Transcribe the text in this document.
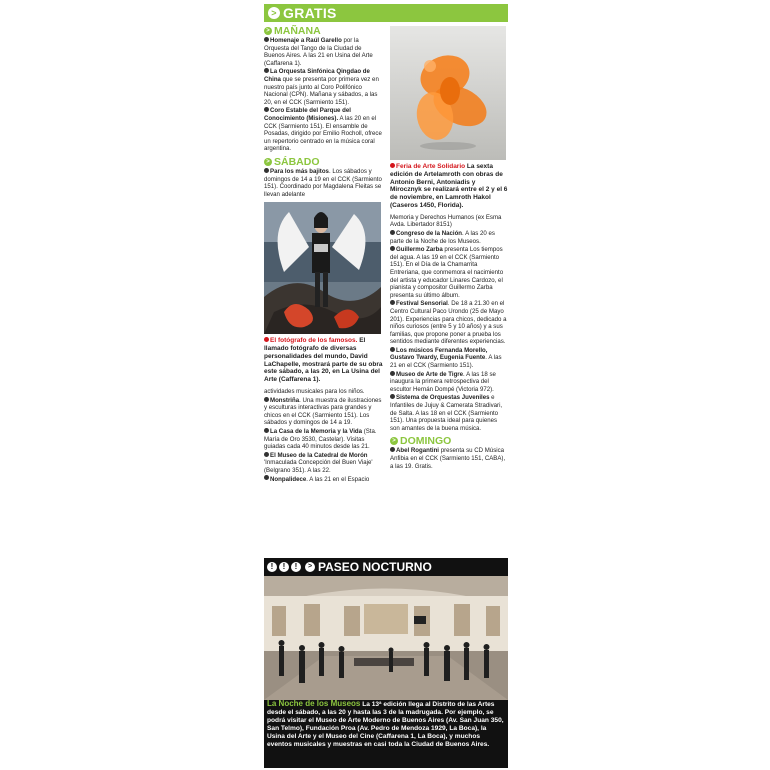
> GRATIS
> MAÑANA
Homenaje a Raúl Garello por la Orquesta del Tango de la Ciudad de Buenos Aires. A las 21 en Usina del Arte (Caffarena 1).
La Orquesta Sinfónica Qingdao de China que se presenta por primera vez en nuestro país junto al Coro Polifónico Nacional (CPN). Mañana y sábados, a las 20, en el CCK (Sarmiento 151).
Coro Estable del Parque del Conocimiento (Misiones). A las 20 en el CCK (Sarmiento 151). El ensamble de Posadas, dirigido por Emilio Rocholl, ofrece un repertorio centrado en la música coral argentina.
> SÁBADO
Para los más bajitos. Los sábados y domingos de 14 a 19 en el CCK (Sarmiento 151). Coordinado por Magdalena Fleitas se llevan adelante
El fotógrafo de los famosos. El llamado fotógrafo de diversas personalidades del mundo, David LaChapelle, mostrará parte de su obra este sábado, a las 20, en La Usina del Arte (Caffarena 1).
actividades musicales para los niños.
Monstriña. Una muestra de ilustraciones y esculturas interactivas para grandes y chicos en el CCK (Sarmiento 151). Los sábados y domingos de 14 a 19.
La Casa de la Memoria y la Vida (Sta. María de Oro 3530, Castelar). Visitas guiadas cada 40 minutos desde las 21.
El Museo de la Catedral de Morón 'Inmaculada Concepción del Buen Viaje' (Belgrano 351). A las 22.
Nonpalidece. A las 21 en el Espacio
Feria de Arte Solidario La sexta edición de Artelamroth con obras de Antonio Berni, Antoniadis y Mirocznyk se realizará entre el 2 y el 6 de noviembre, en Lamroth Hakol (Caseros 1450, Florida).
Memoria y Derechos Humanos (ex Esma Avda. Libertador 8151)
Congreso de la Nación. A las 20 es parte de la Noche de los Museos.
Guillermo Zarba presenta Los tiempos del agua. A las 19 en el CCK (Sarmiento 151). En el Día de la Chamarrita Entreriana, que conmemora el nacimiento del artista y educador Linares Cardozo, el pianista y compositor Guillermo Zarba presenta su último álbum.
Festival Sensorial. De 18 a 21.30 en el Centro Cultural Paco Urondo (25 de Mayo 201). Experiencias para chicos, dedicado a niños curiosos (entre 5 y 10 años) y a sus familias, que propone poner a prueba los sentidos mediante diferentes experiencias.
Los músicos Fernanda Morello, Gustavo Twardy, Eugenia Fuente. A las 21 en el CCK (Sarmiento 151).
Museo de Arte de Tigre. A las 18 se inaugura la primera retrospectiva del escultor Hernán Dompé (Victoria 972).
Sistema de Orquestas Juveniles e Infantiles de Jujuy & Camerata Stradivari, de Salta. A las 18 en el CCK (Sarmiento 151). Una propuesta ideal para quienes son amantes de la buena música.
> DOMINGO
Abel Rogantini presenta su CD Música Anfibia en el CCK (Sarmiento 151, CABA), a las 19. Gratis.
!	!	!	> PASEO NOCTURNO
La Noche de los Museos La 13ª edición llega al Distrito de las Artes desde el sábado, a las 20 y hasta las 3 de la madrugada. Por ejemplo, se podrá visitar el Museo de Arte Moderno de Buenos Aires (Av. San Juan 350, San Telmo), Fundación Proa (Av. Pedro de Mendoza 1929, La Boca), la Usina del Arte y el Museo del Cine (Caffarena 1, La Boca), y muchos eventos musicales y muestras en casi toda la Ciudad de Buenos Aires.
